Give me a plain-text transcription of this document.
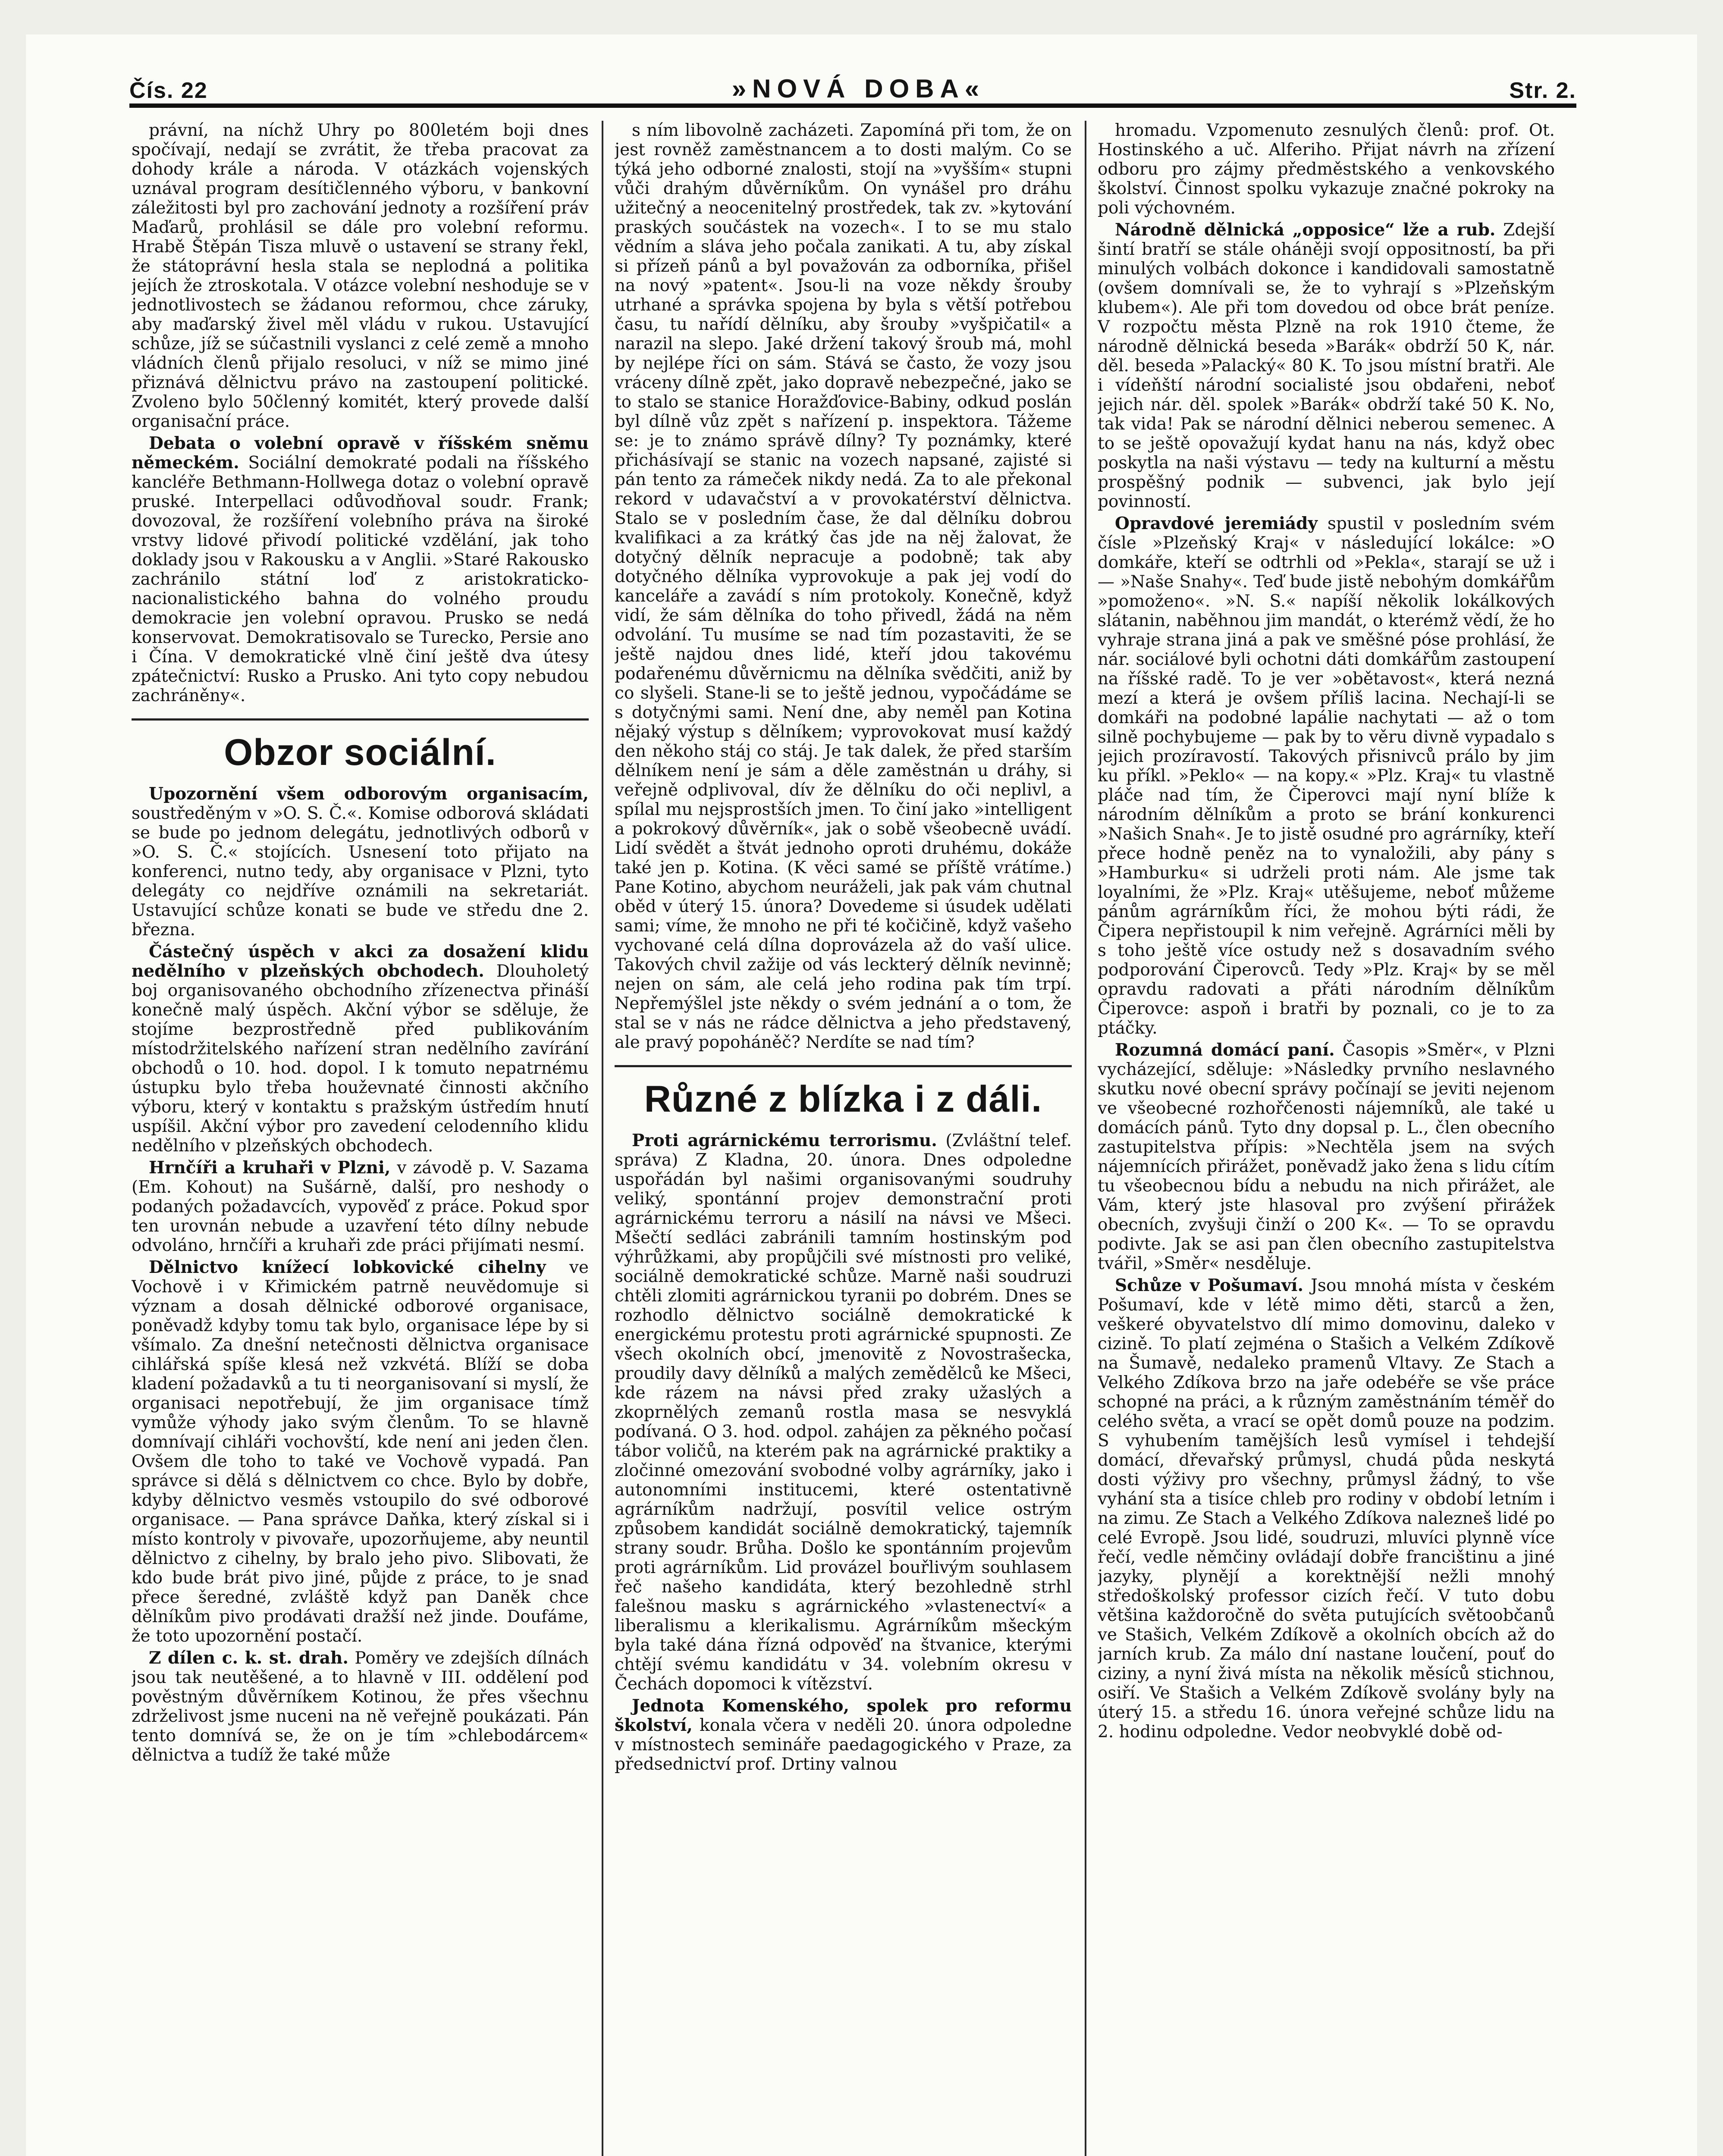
Čís. 22	»NOVÁ DOBA«	Str. 2.

právní, na níchž Uhry po 800letém boji dnes spočívají, nedají se zvrátit, že třeba pracovat za dohody krále a národa. V otázkách vojenských uznával program desítičlenného výboru, v bankovní záležitosti byl pro zachování jednoty a rozšíření práv Maďarů, prohlásil se dále pro volební reformu. Hrabě Štěpán Tisza mluvě o ustavení se strany řekl, že státoprávní hesla stala se neplodná a politika jejích že ztroskotala. V otázce volební neshoduje se v jednotlivostech se žádanou reformou, chce záruky, aby maďarský živel měl vládu v rukou. Ustavující schůze, jíž se súčastnili vyslanci z celé země a mnoho vládních členů přijalo resoluci, v níž se mimo jiné přiznává dělnictvu právo na zastoupení politické. Zvoleno bylo 50členný komitét, který provede další organisační práce.

Debata o volební opravě v říšském sněmu německém. Sociální demokraté podali na říšského kancléře Bethmann-Hollwega dotaz o volební opravě pruské. Interpellaci odůvodňoval soudr. Frank; dovozoval, že rozšíření volebního práva na široké vrstvy lidové přivodí politické vzdělání, jak toho doklady jsou v Rakousku a v Anglii. »Staré Rakousko zachránilo státní loď z aristokraticko-nacionalistického bahna do volného proudu demokracie jen volební opravou. Prusko se nedá konservovat. Demokratisovalo se Turecko, Persie ano i Čína. V demokratické vlně činí ještě dva útesy zpátečnictví: Rusko a Prusko. Ani tyto copy nebudou zachráněny«.

Obzor sociální.

Upozornění všem odborovým organisacím, soustředěným v »O. S. Č.«. Komise odborová skládati se bude po jednom delegátu, jednotlivých odborů v »O. S. Č.« stojících. Usnesení toto přijato na konferenci, nutno tedy, aby organisace v Plzni, tyto delegáty co nejdříve oznámili na sekretariát. Ustavující schůze konati se bude ve středu dne 2. března.

Částečný úspěch v akci za dosažení klidu nedělního v plzeňských obchodech. Dlouholetý boj organisovaného obchodního zřízenectva přináší konečně malý úspěch. Akční výbor se sděluje, že stojíme bezprostředně před publikováním místodržitelského nařízení stran nedělního zavírání obchodů o 10. hod. dopol. I k tomuto nepatrnému ústupku bylo třeba houževnaté činnosti akčního výboru, který v kontaktu s pražským ústředím hnutí uspíšil. Akční výbor pro zavedení celodenního klidu nedělního v plzeňských obchodech.

Hrnčíři a kruhaři v Plzni, v závodě p. V. Sazama (Em. Kohout) na Sušárně, další, pro neshody o podaných požadavcích, vypověď z práce. Pokud spor ten urovnán nebude a uzavření této dílny nebude odvoláno, hrnčíři a kruhaři zde práci přijímati nesmí.

Dělnictvo knížecí lobkovické cihelny ve Vochově i v Křimickém patrně neuvědomuje si význam a dosah dělnické odborové organisace, poněvadž kdyby tomu tak bylo, organisace lépe by si všímalo. Za dnešní netečnosti dělnictva organisace cihlářská spíše klesá než vzkvétá. Blíží se doba kladení požadavků a tu ti neorganisovaní si myslí, že organisaci nepotřebují, že jim organisace tímž vymůže výhody jako svým členům. To se hlavně domnívají cihláři vochovští, kde není ani jeden člen. Ovšem dle toho to také ve Vochově vypadá. Pan správce si dělá s dělnictvem co chce. Bylo by dobře, kdyby dělnictvo vesměs vstoupilo do své odborové organisace. — Pana správce Daňka, který získal si i místo kontroly v pivovaře, upozorňujeme, aby neuntil dělnictvo z cihelny, by bralo jeho pivo. Slibovati, že kdo bude brát pivo jiné, půjde z práce, to je snad přece šeredné, zvláště když pan Daněk chce dělníkům pivo prodávati dražší než jinde. Doufáme, že toto upozornění postačí.

Z dílen c. k. st. drah. Poměry ve zdejších dílnách jsou tak neutěšené, a to hlavně v III. oddělení pod pověstným důvěrníkem Kotinou, že přes všechnu zdrželivost jsme nuceni na ně veřejně poukázati. Pán tento domnívá se, že on je tím »chlebodárcem« dělnictva a tudíž že také může

s ním libovolně zacházeti. Zapomíná při tom, že on jest rovněž zaměstnancem a to dosti malým. Co se týká jeho odborné znalosti, stojí na »vyšším« stupni vůči drahým důvěrníkům. On vynášel pro dráhu užitečný a neocenitelný prostředek, tak zv. »kytování praských součástek na vozech«. I to se mu stalo vědním a sláva jeho počala zanikati. A tu, aby získal si přízeň pánů a byl považován za odborníka, přišel na nový »patent«. Jsou-li na voze někdy šrouby utrhané a správka spojena by byla s větší potřebou času, tu nařídí dělníku, aby šrouby »vyšpičatil« a narazil na slepo. Jaké držení takový šroub má, mohl by nejlépe říci on sám. Stává se často, že vozy jsou vráceny dílně zpět, jako dopravě nebezpečné, jako se to stalo se stanice Horažďovice-Babiny, odkud poslán byl dílně vůz zpět s nařízení p. inspektora. Tážeme se: je to známo správě dílny? Ty poznámky, které přichásívají se stanic na vozech napsané, zajisté si pán tento za rámeček nikdy nedá. Za to ale překonal rekord v udavačství a v provokatérství dělnictva. Stalo se v posledním čase, že dal dělníku dobrou kvalifikaci a za krátký čas jde na něj žalovat, že dotyčný dělník nepracuje a podobně; tak aby dotyčného dělníka vyprovokuje a pak jej vodí do kanceláře a zavádí s ním protokoly. Konečně, když vidí, že sám dělníka do toho přivedl, žádá na něm odvolání. Tu musíme se nad tím pozastaviti, že se ještě najdou dnes lidé, kteří jdou takovému podařenému důvěrnicmu na dělníka svědčiti, aniž by co slyšeli. Stane-li se to ještě jednou, vypočádáme se s dotyčnými sami. Není dne, aby neměl pan Kotina nějaký výstup s dělníkem; vyprovokovat musí každý den někoho stáj co stáj. Je tak dalek, že před starším dělníkem není je sám a děle zaměstnán u dráhy, si veřejně odplivoval, dív že dělníku do oči neplivl, a spílal mu nejsprostších jmen. To činí jako »intelligent a pokrokový důvěrník«, jak o sobě všeobecně uvádí. Lidí svědět a štvát jednoho oproti druhému, dokáže také jen p. Kotina. (K věci samé se příště vrátíme.) Pane Kotino, abychom neuráželi, jak pak vám chutnal oběd v úterý 15. února? Dovedeme si úsudek udělati sami; víme, že mnoho ne při té kočičině, když vašeho vychované celá dílna doprovázela až do vaší ulice. Takových chvil zažije od vás leckterý dělník nevinně; nejen on sám, ale celá jeho rodina pak tím trpí. Nepřemýšlel jste někdy o svém jednání a o tom, že stal se v nás ne rádce dělnictva a jeho představený, ale pravý popoháněč? Nerdíte se nad tím?

Různé z blízka i z dáli.

Proti agrárnickému terrorismu. (Zvláštní telef. správa) Z Kladna, 20. února. Dnes odpoledne uspořádán byl našimi organisovanými soudruhy veliký, spontánní projev demonstrační proti agrárnickému terroru a násilí na návsi ve Mšeci. Mšečtí sedláci zabránili tamním hostinským pod výhrůžkami, aby propůjčili své místnosti pro veliké, sociálně demokratické schůze. Marně naši soudruzi chtěli zlomiti agrárnickou tyranii po dobrém. Dnes se rozhodlo dělnictvo sociálně demokratické k energickému protestu proti agrárnické spupnosti. Ze všech okolních obcí, jmenovitě z Novostrašecka, proudily davy dělníků a malých zemědělců ke Mšeci, kde rázem na návsi před zraky užaslých a zkoprnělých zemanů rostla masa se nesvyklá podívaná. O 3. hod. odpol. zahájen za pěkného počasí tábor voličů, na kterém pak na agrárnické praktiky a zločinné omezování svobodné volby agrárníky, jako i autonomními institucemi, které ostentativně agrárníkům nadržují, posvítil velice ostrým způsobem kandidát sociálně demokratický, tajemník strany soudr. Brůha. Došlo ke spontánním projevům proti agrárníkům. Lid provázel bouřlivým souhlasem řeč našeho kandidáta, který bezohledně strhl falešnou masku s agrárnického »vlastenectví« a liberalismu a klerikalismu. Agrárníkům mšeckým byla také dána řízná odpověď na štvanice, kterými chtějí svému kandidátu v 34. volebním okresu v Čechách dopomoci k vítězství.

Jednota Komenského, spolek pro reformu školství, konala včera v neděli 20. února odpoledne v místnostech semináře paedagogického v Praze, za předsednictví prof. Drtiny valnou

hromadu. Vzpomenuto zesnulých členů: prof. Ot. Hostinského a uč. Alferiho. Přijat návrh na zřízení odboru pro zájmy předměstského a venkovského školství. Činnost spolku vykazuje značné pokroky na poli výchovném.

Národně dělnická „opposice“ lže a rub. Zdejší šintí bratří se stále oháněji svojí oppositností, ba při minulých volbách dokonce i kandidovali samostatně (ovšem domnívali se, že to vyhrají s »Plzeňským klubem«). Ale při tom dovedou od obce brát peníze. V rozpočtu města Plzně na rok 1910 čteme, že národně dělnická beseda »Barák« obdrží 50 K, nár. děl. beseda »Palacký« 80 K. To jsou místní bratři. Ale i vídeňští národní socialisté jsou obdařeni, neboť jejich nár. děl. spolek »Barák« obdrží také 50 K. No, tak vida! Pak se národní dělnici neberou semenec. A to se ještě opovažují kydat hanu na nás, když obec poskytla na naši výstavu — tedy na kulturní a městu prospěšný podnik — subvenci, jak bylo její povinností.

Opravdové jeremiády spustil v posledním svém čísle »Plzeňský Kraj« v následující lokálce: »O domkáře, kteří se odtrhli od »Pekla«, starají se už i — »Naše Snahy«. Teď bude jistě nebohým domkářům »pomoženo«. »N. S.« napíší několik lokálkových slátanin, naběhnou jim mandát, o kterémž vědí, že ho vyhraje strana jiná a pak ve směšné póse prohlásí, že nár. sociálové byli ochotni dáti domkářům zastoupení na říšské radě. To je ver »obětavost«, která nezná mezí a která je ovšem příliš lacina. Nechají-li se domkáři na podobné lapálie nachytati — až o tom silně pochybujeme — pak by to věru divně vypadalo s jejich prozíravostí. Takových přisnivců prálo by jim ku příkl. »Peklo« — na kopy.« »Plz. Kraj« tu vlastně pláče nad tím, že Čiperovci mají nyní blíže k národním dělníkům a proto se brání konkurenci »Našich Snah«. Je to jistě osudné pro agrárníky, kteří přece hodně peněz na to vynaložili, aby pány s »Hamburku« si udrželi proti nám. Ale jsme tak loyalními, že »Plz. Kraj« utěšujeme, neboť můžeme pánům agrárníkům říci, že mohou býti rádi, že Čipera nepřistoupil k nim veřejně. Agrárníci měli by s toho ještě více ostudy než s dosavadním svého podporování Čiperovců. Tedy »Plz. Kraj« by se měl opravdu radovati a přáti národním dělníkům Čiperovce: aspoň i bratři by poznali, co je to za ptáčky.

Rozumná domácí paní. Časopis »Směr«, v Plzni vycházející, sděluje: »Následky prvního neslavného skutku nové obecní správy počínají se jeviti nejenom ve všeobecné rozhořčenosti nájemníků, ale také u domácích pánů. Tyto dny dopsal p. L., člen obecního zastupitelstva přípis: »Nechtěla jsem na svých nájemnících přirážet, poněvadž jako žena s lidu cítím tu všeobecnou bídu a nebudu na nich přirážet, ale Vám, který jste hlasoval pro zvýšení přirážek obecních, zvyšuji činží o 200 K«. — To se opravdu podivte. Jak se asi pan člen obecního zastupitelstva tvářil, »Směr« nesděluje.

Schůze v Pošumaví. Jsou mnohá místa v českém Pošumaví, kde v létě mimo děti, starců a žen, veškeré obyvatelstvo dlí mimo domovinu, daleko v cizině. To platí zejména o Stašich a Velkém Zdíkově na Šumavě, nedaleko pramenů Vltavy. Ze Stach a Velkého Zdíkova brzo na jaře odebéře se vše práce schopné na práci, a k různým zaměstnáním téměř do celého světa, a vrací se opět domů pouze na podzim. S vyhubením tamějších lesů vymísel i tehdejší domácí, dřevařský průmysl, chudá půda neskytá dosti výživy pro všechny, průmysl žádný, to vše vyhání sta a tisíce chleb pro rodiny v období letním i na zimu. Ze Stach a Velkého Zdíkova nalezneš lidé po celé Evropě. Jsou lidé, soudruzi, mluvíci plynně více řečí, vedle němčiny ovládají dobře francištinu a jiné jazyky, plynějí a korektnější nežli mnohý středoškolský professor cizích řečí. V tuto dobu většina každoročně do světa putujících světoobčanů ve Stašich, Velkém Zdíkově a okolních obcích až do jarních krub. Za málo dní nastane loučení, pouť do ciziny, a nyní živá místa na několik měsíců stichnou, osiří. Ve Stašich a Velkém Zdíkově svolány byly na úterý 15. a středu 16. února veřejné schůze lidu na 2. hodinu odpoledne. Vedor neobvyklé době od-
